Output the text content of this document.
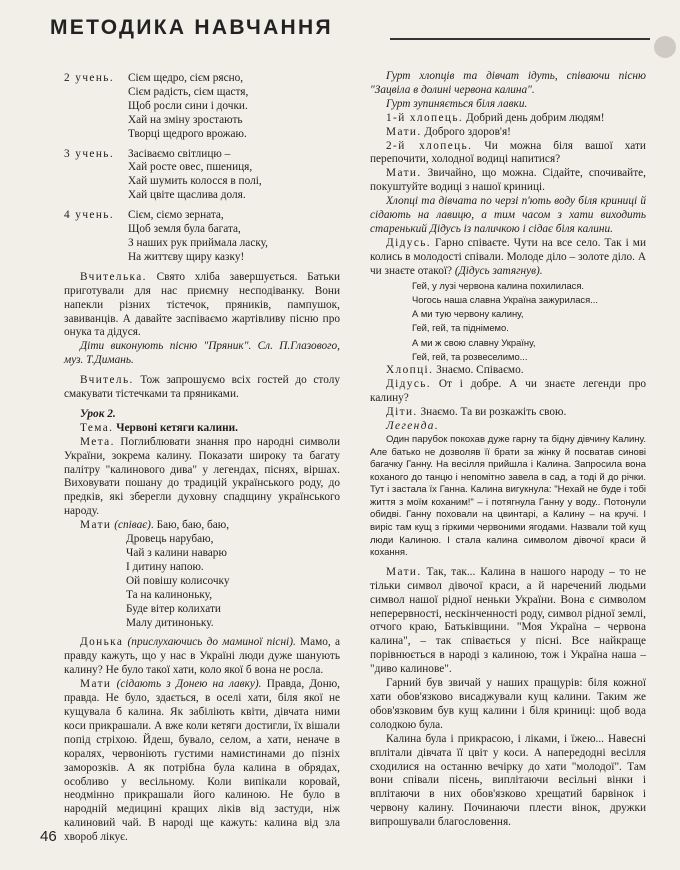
МЕТОДИКА НАВЧАННЯ
2 учень.	Сієм щедро, сієм рясно,
Сієм радість, сієм щастя,
Щоб росли сини і дочки.
Хай на зміну зростають
Творці щедрого врожаю.
3 учень.	Засіваємо світлицю –
Хай росте овес, пшениця,
Хай шумить колосся в полі,
Хай цвіте щаслива доля.
4 учень.	Сієм, сіємо зерната,
Щоб земля була багата,
З наших рук приймала ласку,
На життєву щиру казку!

Вчителька. Свято хліба завершується. Батьки приготували для нас приємну несподіванку. Вони напекли різних тістечок, пряників, пампушок, завиванців. А давайте заспіваємо жартівливу пісню про онука та дідуся.

Діти виконують пісню "Пряник". Сл. П.Глазового, муз. Т.Димань.

Вчитель. Тож запрошуємо всіх гостей до столу смакувати тістечками та пряниками.

Урок 2.

Тема. Червоні кетяги калини.

Мета. Поглиблювати знання про народні символи України, зокрема калину. Показати широку та багату палітру "калинового дива" у легендах, піснях, віршах. Виховувати пошану до традицій українського роду, до предків, які зберегли духовну спадщину українського народу.

Мати (співає). Баю, баю, баю,

Дровець нарубаю,
Чай з калини наварю
І дитину напою.
Ой повішу колисочку
Та на калиноньку,
Буде вітер колихати
Малу дитиноньку.

Донька (прислухаючись до маминої пісні). Мамо, а правду кажуть, що у нас в Україні люди дуже шанують калину? Не було такої хати, коло якої б вона не росла.

Мати (сідають з Донею на лавку). Правда, Доню, правда. Не було, здається, в оселі хати, біля якої не кущувала б калина. Як забіліють квіти, дівчата ними коси прикрашали. А вже коли кетяги достигли, їх вішали попід стріхою. Йдеш, бувало, селом, а хати, неначе в коралях, червоніють густими намистинами до пізніх заморозків. А як потрібна була калина в обрядах, особливо у весільному. Коли випікали коровай, неодмінно прикрашали його калиною. Не було в народній медицині кращих ліків від застуди, ніж калиновий чай. В народі ще кажуть: калина від зла хвороб лікує.

Гурт хлопців та дівчат ідуть, співаючи пісню "Зацвіла в долині червона калина".

Гурт зупиняється біля лавки.

1-й хлопець. Добрий день добрим людям!

Мати. Доброго здоров'я!

2-й хлопець. Чи можна біля вашої хати перепочити, холодної водиці напитися?

Мати. Звичайно, що можна. Сідайте, спочивайте, покуштуйте водиці з нашої криниці.

Хлопці та дівчата по черзі п'ють воду біля криниці й сідають на лавицю, а тим часом з хати виходить старенький Дідусь із паличкою і сідає біля калини.

Дідусь. Гарно співаєте. Чути на все село. Так і ми колись в молодості співали. Молоде діло – золоте діло. А чи знаєте отакої? (Дідусь затягнув).

Гей, у лузі червона калина похилилася.
Чогось наша славна Україна зажурилася...
А ми тую червону калину,
Гей, гей, та піднімемо.
А ми ж свою славну Україну,
Гей, гей, та розвеселимо...

Хлопці. Знаємо. Співаємо.

Дідусь. От і добре. А чи знаєте легенди про калину?

Діти. Знаємо. Та ви розкажіть свою.

Легенда.

Один парубок покохав дуже гарну та бідну дівчину Калину. Але батько не дозволяв її брати за жінку й посватав синові багачку Ганну. На весілля прийшла і Калина. Запросила вона коханого до танцю і непомітно завела в сад, а тоді й до річки. Тут і застала їх Ганна. Калина вигукнула: "Нехай не буде і тобі життя з моїм коханим!" – і потягнула Ганну у воду.. Потонули обидві. Ганну поховали на цвинтарі, а Калину – на кручі. І виріс там кущ з гіркими червоними ягодами. Назвали той кущ люди Калиною. І стала калина символом дівочої краси й кохання.

Мати. Так, так... Калина в нашого народу – то не тільки символ дівочої краси, а й наречений людьми символ нашої рідної неньки України. Вона є символом неперервності, нескінченності роду, символ рідної землі, отчого краю, Батьківщини. "Моя Україна – червона калина", – так співається у пісні. Все найкраще порівнюється в народі з калиною, тож і Україна наша – "диво калинове".

Гарний був звичай у наших пращурів: біля кожної хати обов'язково висаджували кущ калини. Таким же обов'язковим був кущ калини і біля криниці: щоб вода солодкою була.

Калина була і прикрасою, і ліками, і їжею... Навесні вплітали дівчата її цвіт у коси. А напередодні весілля сходилися на останню вечірку до хати "молодої". Там вони співали пісень, виплітаючи весільні вінки і вплітаючи в них обов'язково хрещатий барвінок і червону калину. Починаючи плести вінок, дружки випрошували благословення.

46
